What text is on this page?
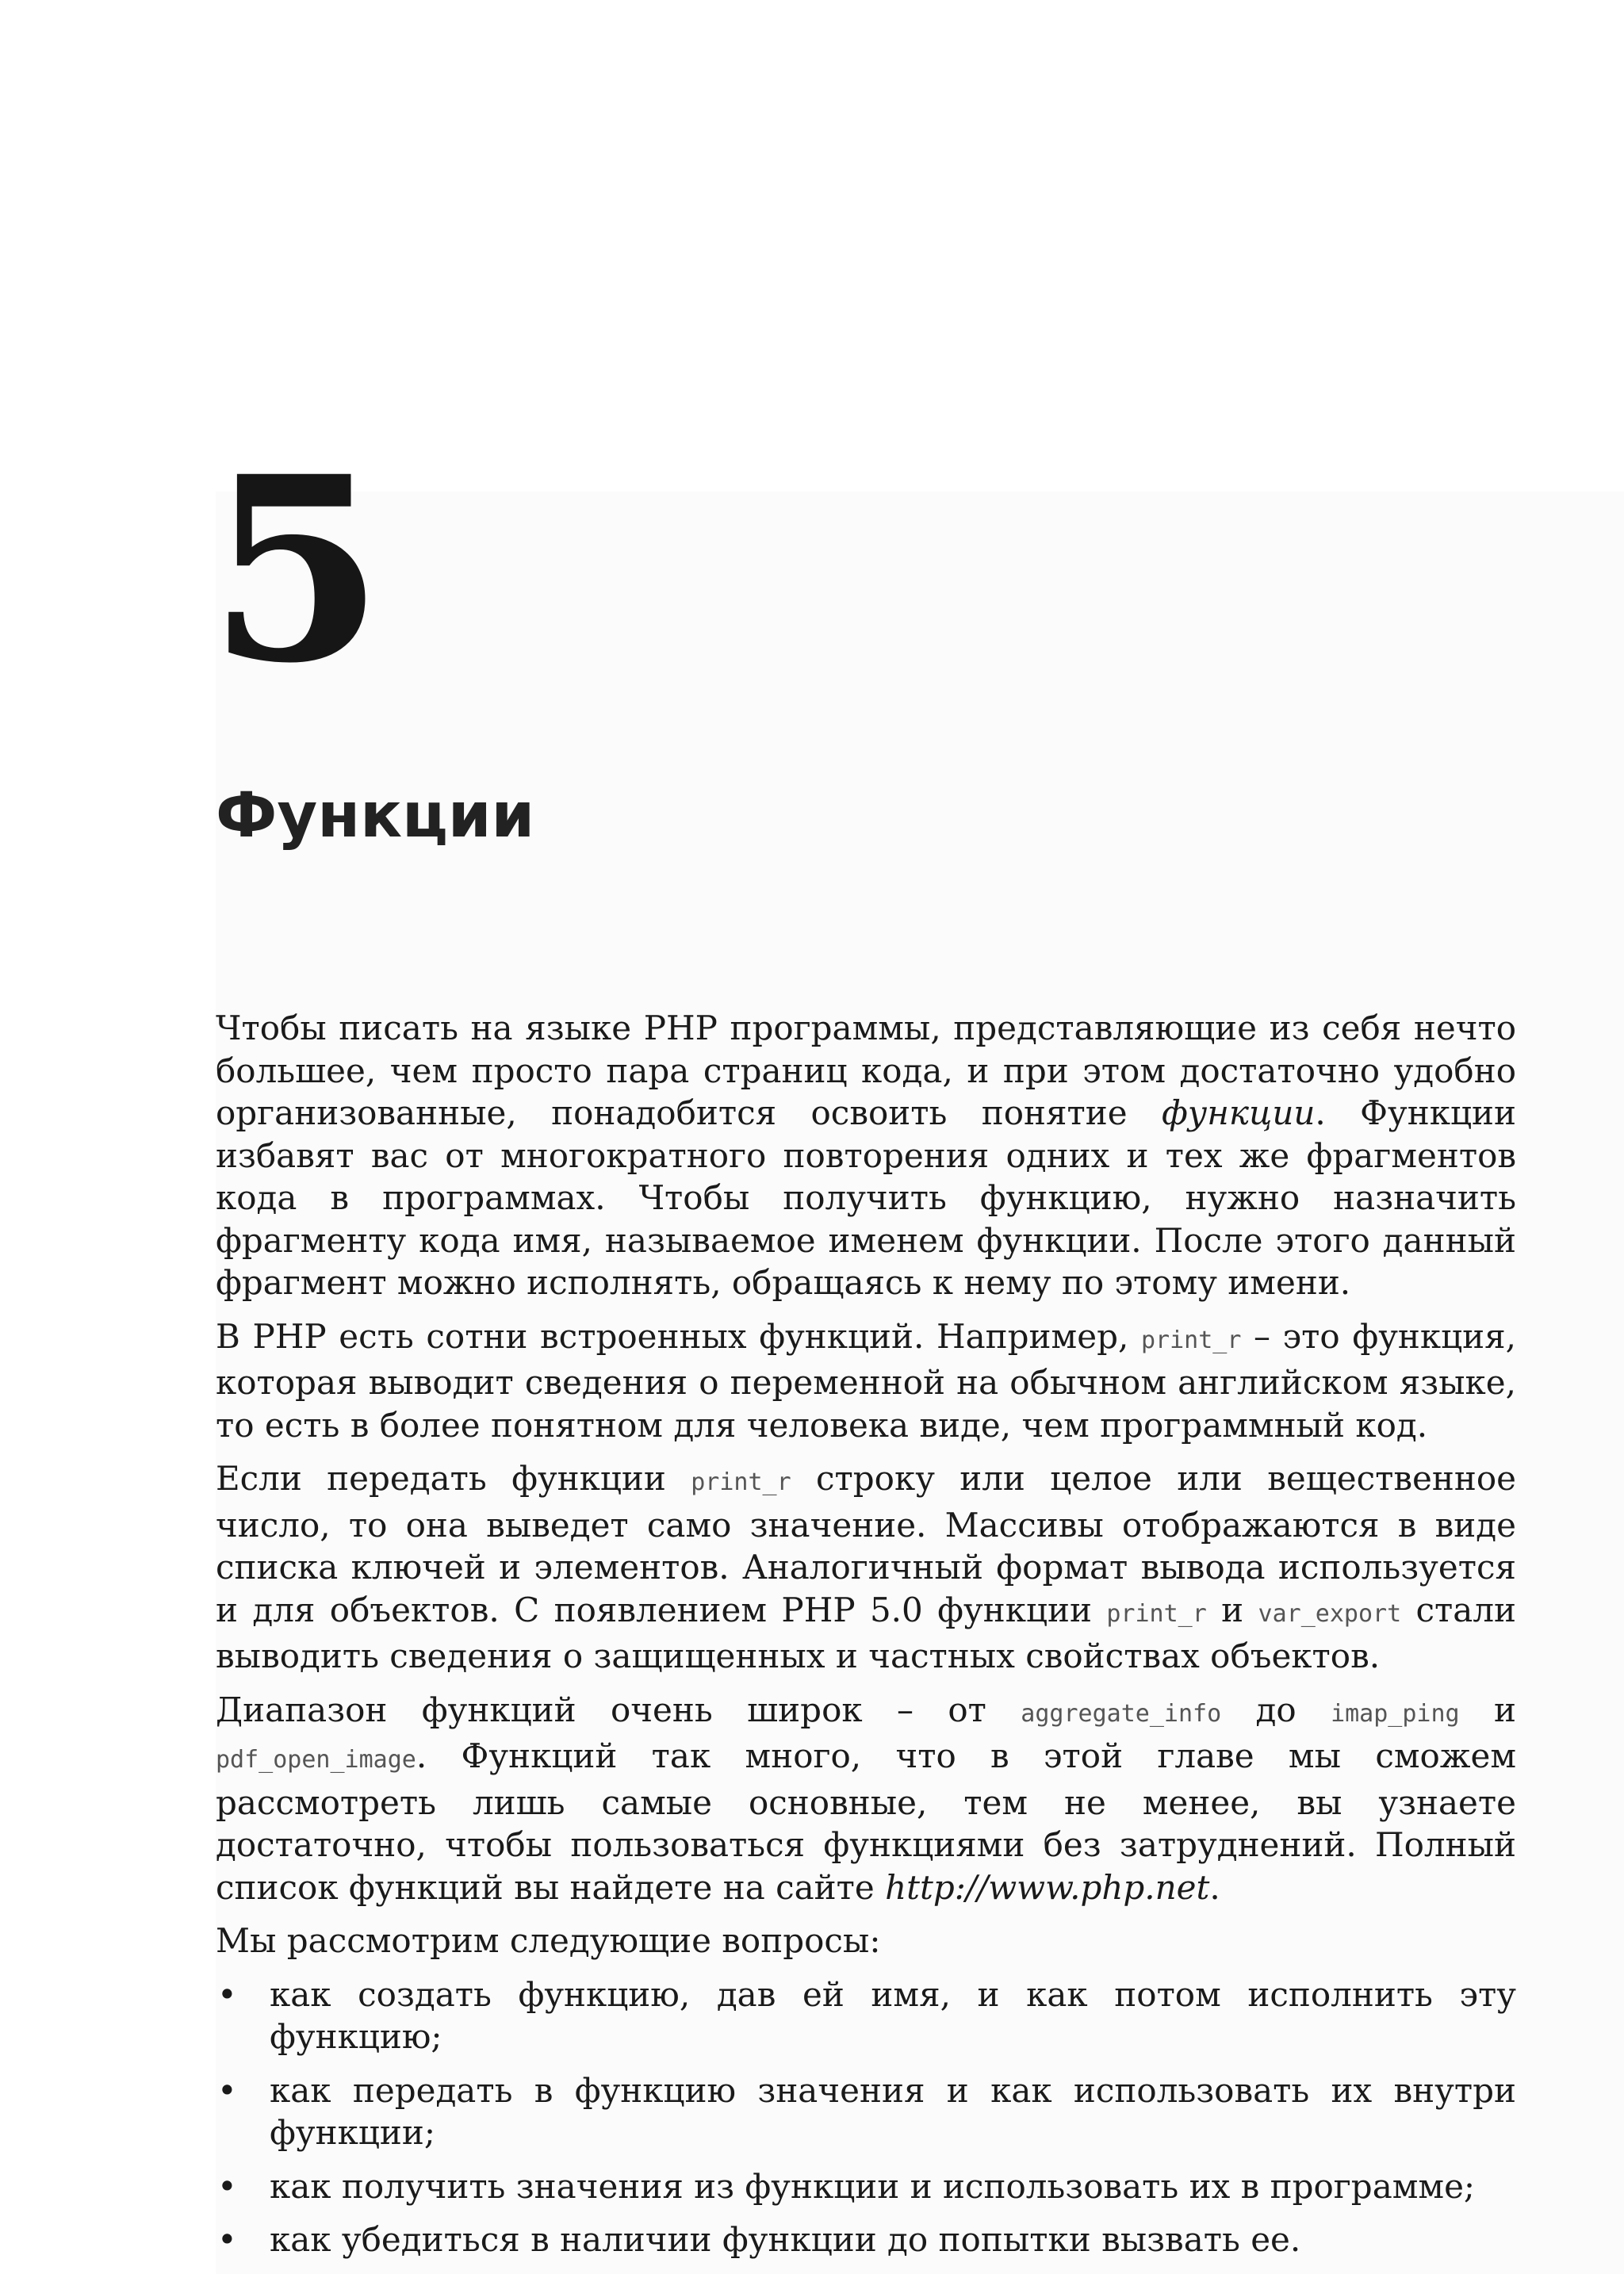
5
Функции

Чтобы писать на языке PHP программы, представляющие из себя нечто большее, чем просто пара страниц кода, и при этом достаточно удобно организованные, понадобится освоить понятие функции. Функции избавят вас от многократного повторения одних и тех же фрагментов кода в программах. Чтобы получить функцию, нужно назначить фрагменту кода имя, называемое именем функции. После этого данный фрагмент можно исполнять, обращаясь к нему по этому имени.

В PHP есть сотни встроенных функций. Например, print_r – это функция, которая выводит сведения о переменной на обычном английском языке, то есть в более понятном для человека виде, чем программный код.

Если передать функции print_r строку или целое или вещественное число, то она выведет само значение. Массивы отображаются в виде списка ключей и элементов. Аналогичный формат вывода используется и для объектов. С появлением PHP 5.0 функции print_r и var_export стали выводить сведения о защищенных и частных свойствах объектов.

Диапазон функций очень широк – от aggregate_info до imap_ping и pdf_open_image. Функций так много, что в этой главе мы сможем рассмотреть лишь самые основные, тем не менее, вы узнаете достаточно, чтобы пользоваться функциями без затруднений. Полный список функций вы найдете на сайте http://www.php.net.

Мы рассмотрим следующие вопросы:

• как создать функцию, дав ей имя, и как потом исполнить эту функцию;
• как передать в функцию значения и как использовать их внутри функции;
• как получить значения из функции и использовать их в программе;
• как убедиться в наличии функции до попытки вызвать ее.
